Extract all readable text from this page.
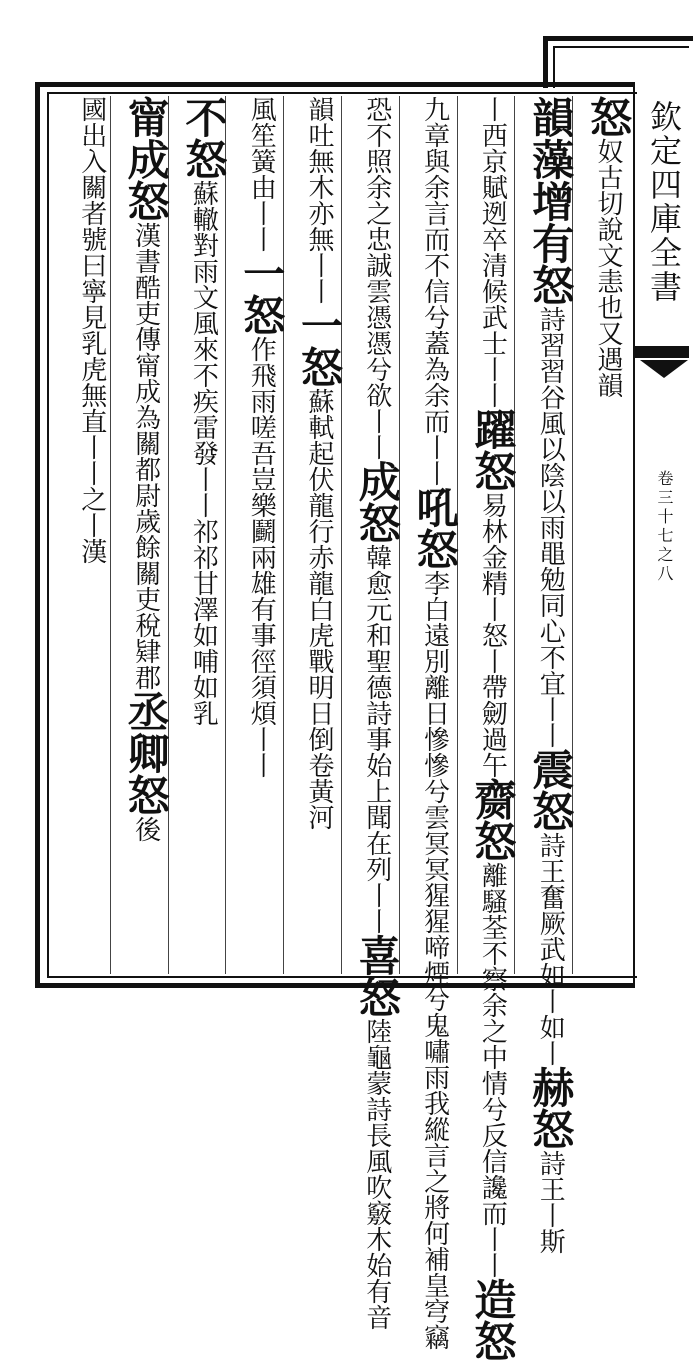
欽定四庫全書
卷三十七之八
怒奴古切說文恚也又遇韻
韻藻增有怒詩習習谷風以陰以雨黽勉同心不宜丨丨震怒詩王奮厥武如丨如丨赫怒詩王丨斯
丨西京賦迾卒清候武士丨丨躍怒易林金精丨怒丨帶劒過午齌怒離騷荃不察余之中情兮反信讒而丨丨造怒
九章與余言而不信兮蓋為余而丨丨吼怒李白遠別離日慘慘兮雲冥冥猩猩啼煙兮鬼嘯雨我縱言之將何補皇穹竊
恐不照余之忠誠雲憑憑兮欲丨丨成怒韓愈元和聖德詩事始上聞在列丨丨喜怒陸龜蒙詩長風吹竅木始有音
韻吐無木亦無丨丨一怒蘇軾起伏龍行赤龍白虎戰明日倒卷黃河
風笙簧由丨丨一怒作飛雨嗟吾豈樂鬬兩雄有事徑須煩丨丨
不怒蘇轍對雨文風來不疾雷發丨丨祁祁甘澤如哺如乳
甯成怒漢書酷吏傳甯成為關都尉歲餘關吏稅肄郡丞卿怒後
國出入關者號曰寧見乳虎無直丨丨之丨漢
